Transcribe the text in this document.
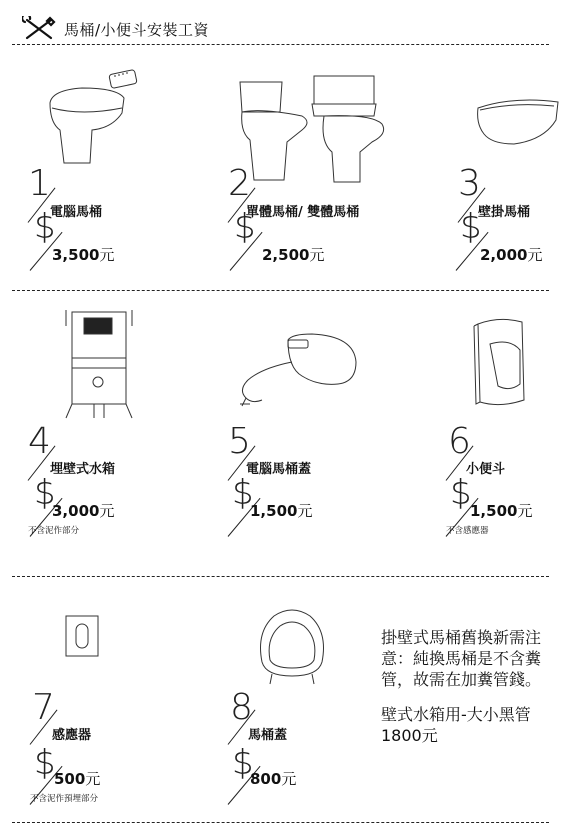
馬桶/小便斗安裝工資
1
電腦馬桶
$
3,500元
2
單體馬桶/ 雙體馬桶
$
2,500元
3
壁掛馬桶
$
2,000元
4
埋壁式水箱
$
3,000元
不含泥作部分
5
電腦馬桶蓋
$
1,500元
6
小便斗
$
1,500元
不含感應器
7
感應器
$
500元
不含泥作預埋部分
8
馬桶蓋
$
800元

掛壁式馬桶舊換新需注意：純換馬桶是不含糞管，故需在加糞管錢。

壁式水箱用-大小黑管1800元
